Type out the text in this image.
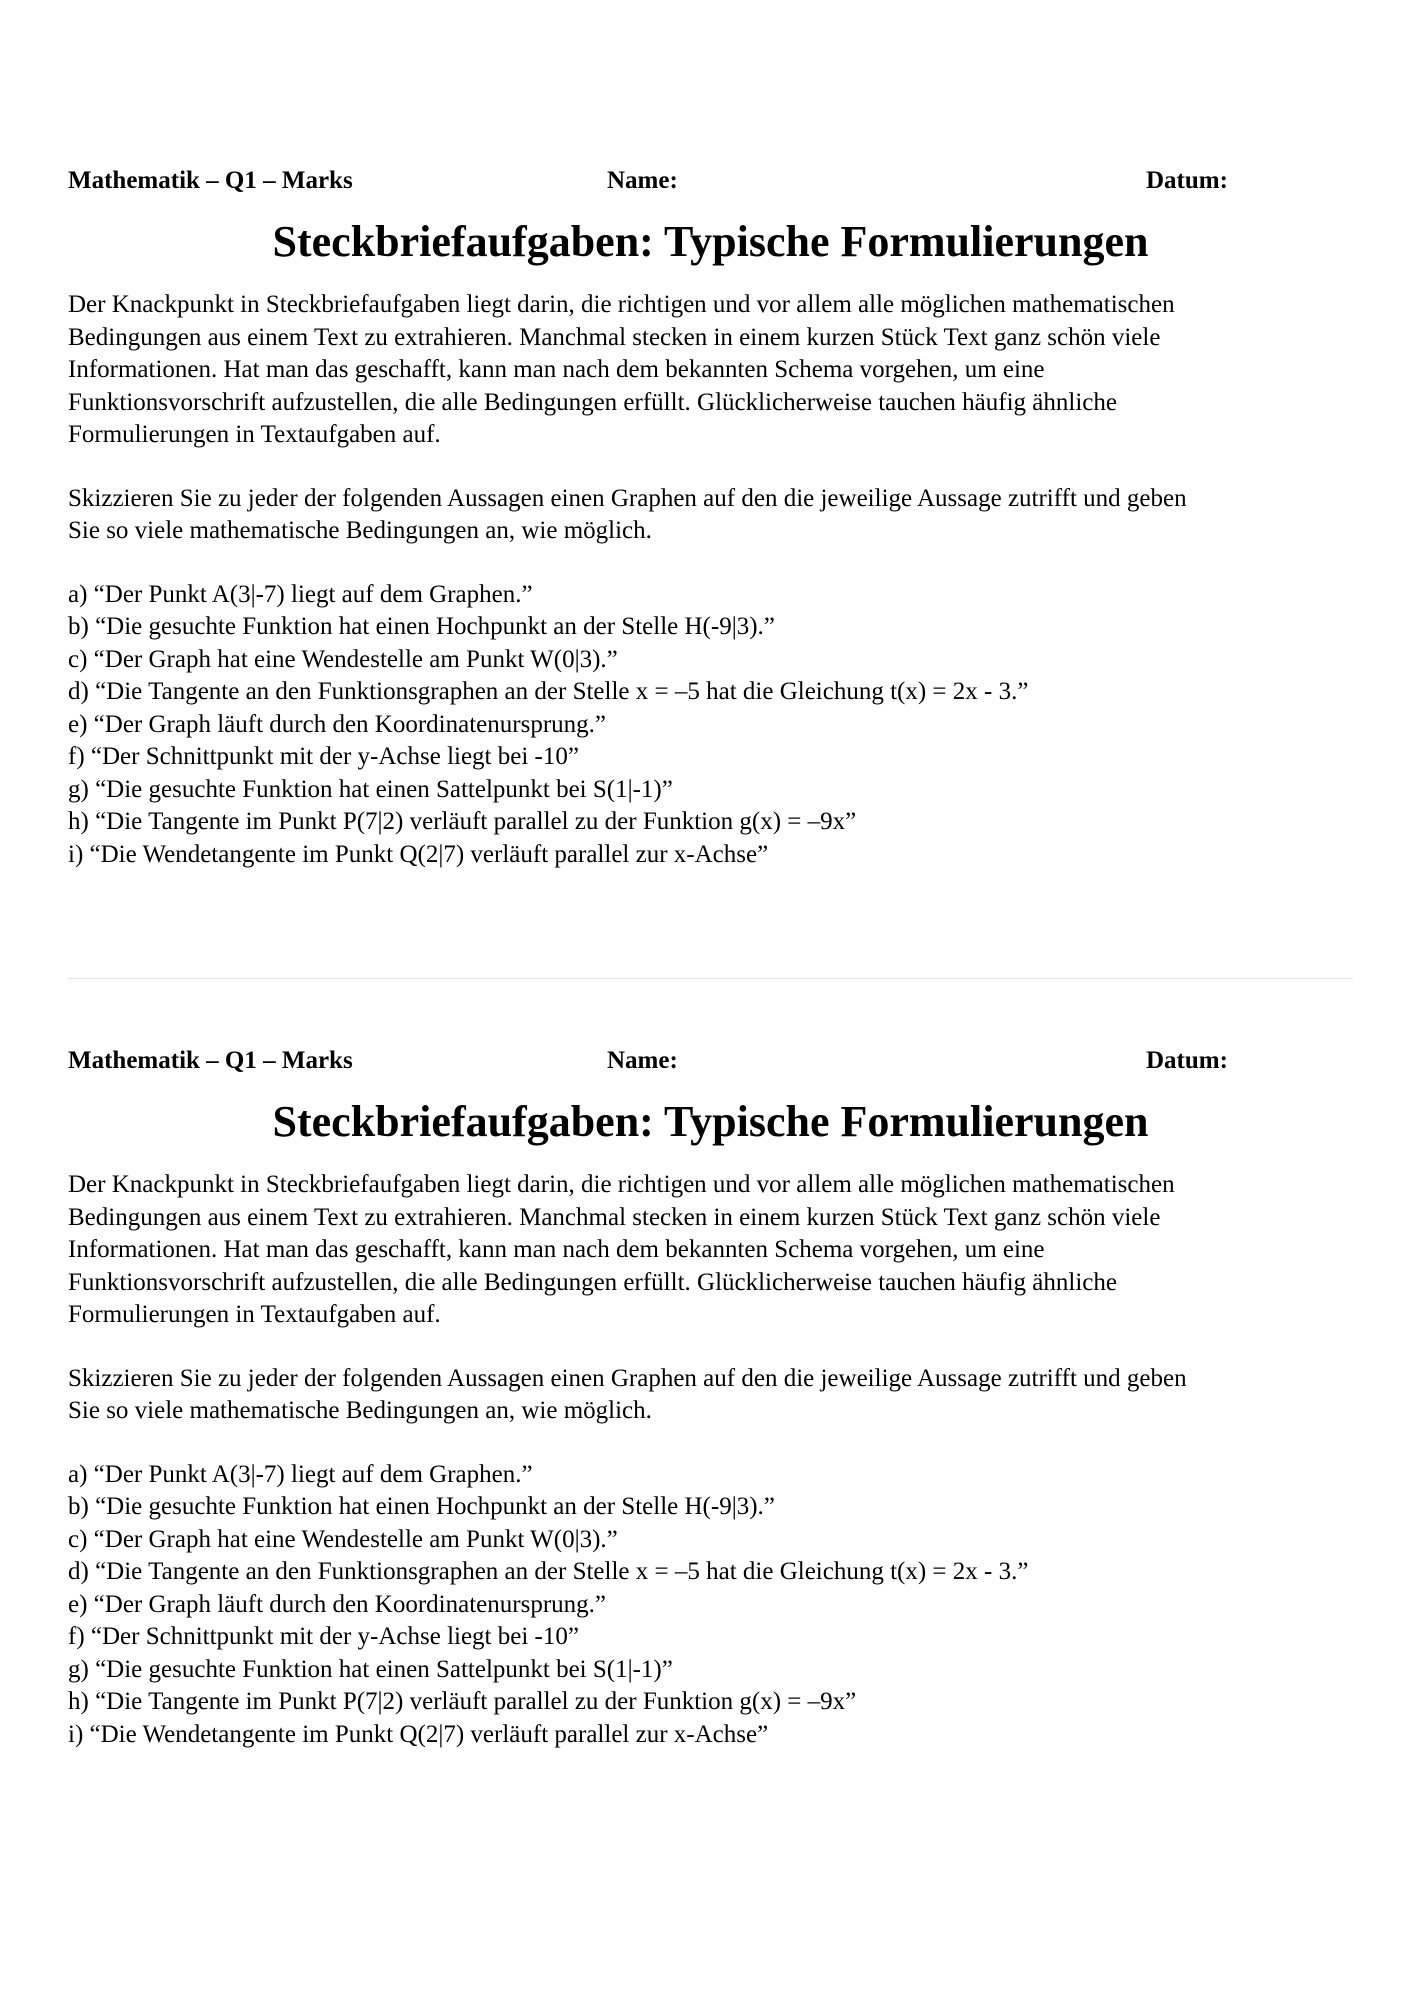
Mathematik – Q1 – Marks	Name:	Datum:
Steckbriefaufgaben: Typische Formulierungen

Der Knackpunkt in Steckbriefaufgaben liegt darin, die richtigen und vor allem alle möglichen mathematischen
Bedingungen aus einem Text zu extrahieren. Manchmal stecken in einem kurzen Stück Text ganz schön viele
Informationen. Hat man das geschafft, kann man nach dem bekannten Schema vorgehen, um eine
Funktionsvorschrift aufzustellen, die alle Bedingungen erfüllt. Glücklicherweise tauchen häufig ähnliche
Formulierungen in Textaufgaben auf.

Skizzieren Sie zu jeder der folgenden Aussagen einen Graphen auf den die jeweilige Aussage zutrifft und geben
Sie so viele mathematische Bedingungen an, wie möglich.

a) “Der Punkt A(3|-7) liegt auf dem Graphen.”
b) “Die gesuchte Funktion hat einen Hochpunkt an der Stelle H(-9|3).”
c) “Der Graph hat eine Wendestelle am Punkt W(0|3).”
d) “Die Tangente an den Funktionsgraphen an der Stelle x = –5 hat die Gleichung t(x) = 2x - 3.”
e) “Der Graph läuft durch den Koordinatenursprung.”
f) “Der Schnittpunkt mit der y-Achse liegt bei -10”
g) “Die gesuchte Funktion hat einen Sattelpunkt bei S(1|-1)”
h) “Die Tangente im Punkt P(7|2) verläuft parallel zu der Funktion g(x) = –9x”
i) “Die Wendetangente im Punkt Q(2|7) verläuft parallel zur x-Achse”
Mathematik – Q1 – Marks	Name:	Datum:
Steckbriefaufgaben: Typische Formulierungen

Der Knackpunkt in Steckbriefaufgaben liegt darin, die richtigen und vor allem alle möglichen mathematischen
Bedingungen aus einem Text zu extrahieren. Manchmal stecken in einem kurzen Stück Text ganz schön viele
Informationen. Hat man das geschafft, kann man nach dem bekannten Schema vorgehen, um eine
Funktionsvorschrift aufzustellen, die alle Bedingungen erfüllt. Glücklicherweise tauchen häufig ähnliche
Formulierungen in Textaufgaben auf.

Skizzieren Sie zu jeder der folgenden Aussagen einen Graphen auf den die jeweilige Aussage zutrifft und geben
Sie so viele mathematische Bedingungen an, wie möglich.

a) “Der Punkt A(3|-7) liegt auf dem Graphen.”
b) “Die gesuchte Funktion hat einen Hochpunkt an der Stelle H(-9|3).”
c) “Der Graph hat eine Wendestelle am Punkt W(0|3).”
d) “Die Tangente an den Funktionsgraphen an der Stelle x = –5 hat die Gleichung t(x) = 2x - 3.”
e) “Der Graph läuft durch den Koordinatenursprung.”
f) “Der Schnittpunkt mit der y-Achse liegt bei -10”
g) “Die gesuchte Funktion hat einen Sattelpunkt bei S(1|-1)”
h) “Die Tangente im Punkt P(7|2) verläuft parallel zu der Funktion g(x) = –9x”
i) “Die Wendetangente im Punkt Q(2|7) verläuft parallel zur x-Achse”
